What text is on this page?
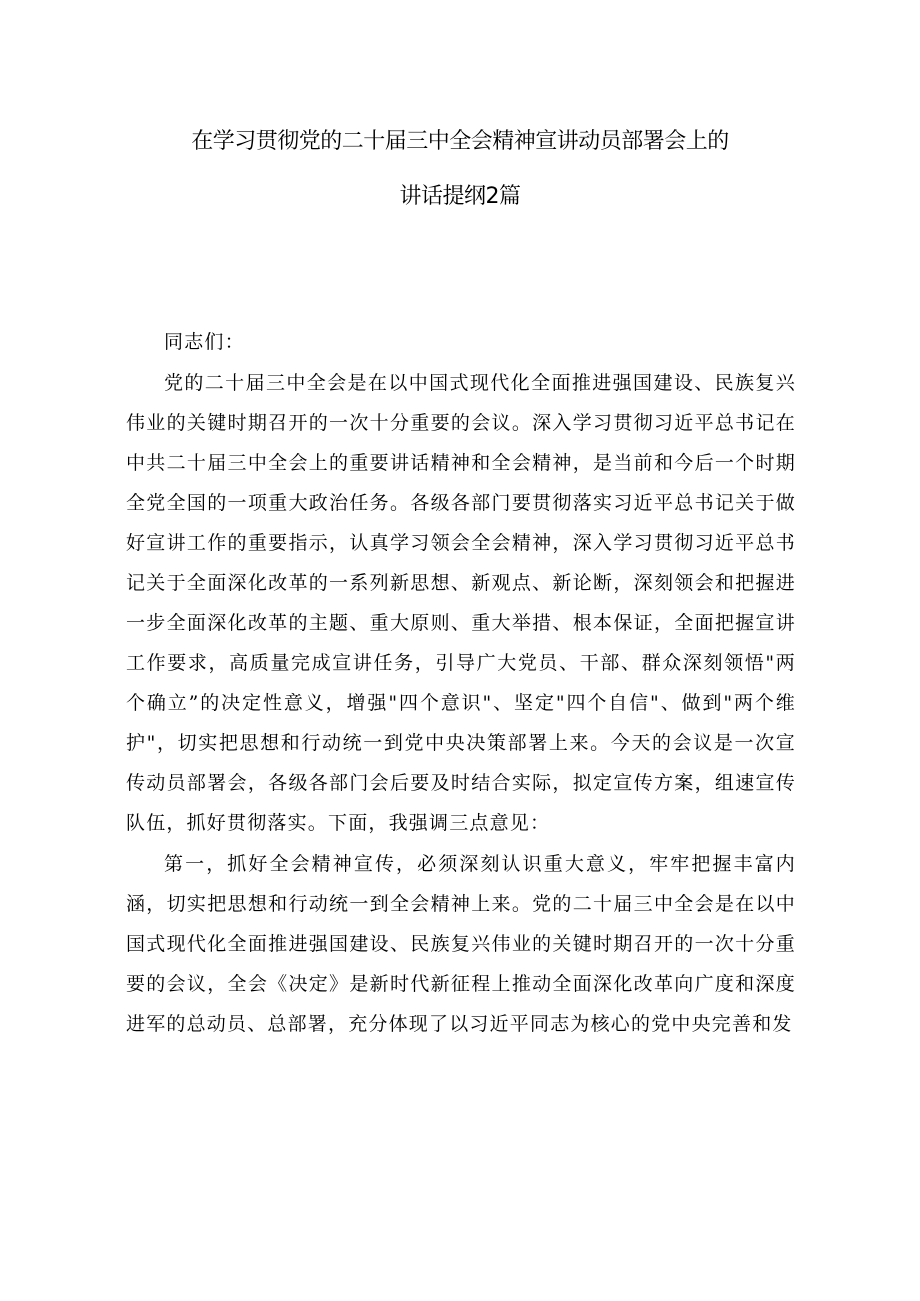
在学习贯彻党的二十届三中全会精神宣讲动员部署会上的
讲话提纲2篇

同志们：

党的二十届三中全会是在以中国式现代化全面推进强国建设、民族复兴伟业的关键时期召开的一次十分重要的会议。深入学习贯彻习近平总书记在中共二十届三中全会上的重要讲话精神和全会精神，是当前和今后一个时期全党全国的一项重大政治任务。各级各部门要贯彻落实习近平总书记关于做好宣讲工作的重要指示，认真学习领会全会精神，深入学习贯彻习近平总书记关于全面深化改革的一系列新思想、新观点、新论断，深刻领会和把握进一步全面深化改革的主题、重大原则、重大举措、根本保证，全面把握宣讲工作要求，高质量完成宣讲任务，引导广大党员、干部、群众深刻领悟"两个确立”的决定性意义，增强"四个意识"、坚定"四个自信"、做到"两个维护"，切实把思想和行动统一到党中央决策部署上来。今天的会议是一次宣传动员部署会，各级各部门会后要及时结合实际，拟定宣传方案，组速宣传队伍，抓好贯彻落实。下面，我强调三点意见：

第一，抓好全会精神宣传，必须深刻认识重大意义，牢牢把握丰富内涵，切实把思想和行动统一到全会精神上来。党的二十届三中全会是在以中国式现代化全面推进强国建设、民族复兴伟业的关键时期召开的一次十分重要的会议，全会《决定》是新时代新征程上推动全面深化改革向广度和深度进军的总动员、总部署，充分体现了以习近平同志为核心的党中央完善和发
